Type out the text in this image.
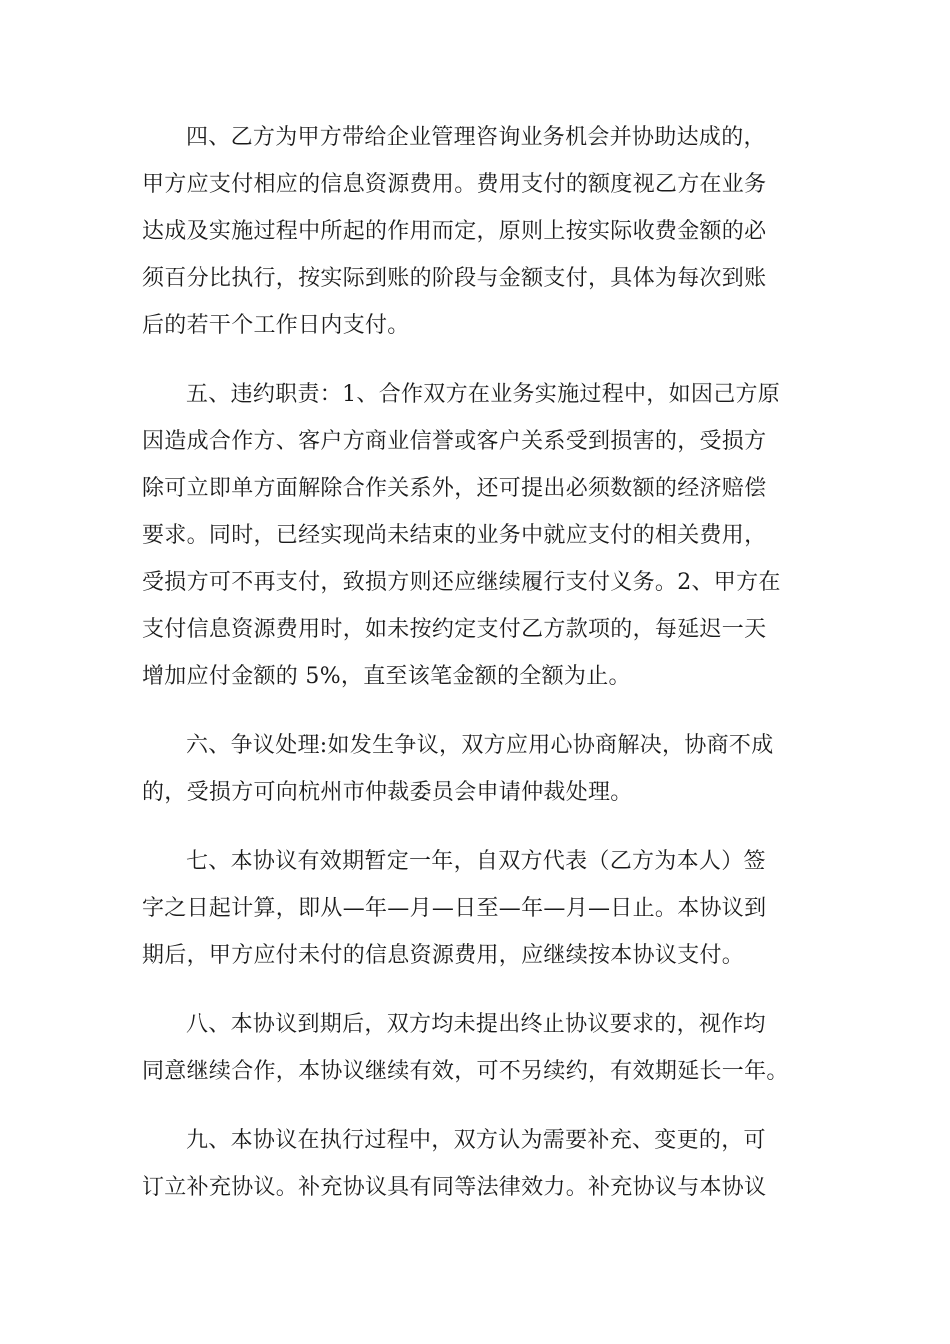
四、乙方为甲方带给企业管理咨询业务机会并协助达成的，
甲方应支付相应的信息资源费用。费用支付的额度视乙方在业务
达成及实施过程中所起的作用而定，原则上按实际收费金额的必
须百分比执行，按实际到账的阶段与金额支付，具体为每次到账
后的若干个工作日内支付。
五、违约职责：1、合作双方在业务实施过程中，如因己方原
因造成合作方、客户方商业信誉或客户关系受到损害的，受损方
除可立即单方面解除合作关系外，还可提出必须数额的经济赔偿
要求。同时，已经实现尚未结束的业务中就应支付的相关费用，
受损方可不再支付，致损方则还应继续履行支付义务。2、甲方在
支付信息资源费用时，如未按约定支付乙方款项的，每延迟一天
增加应付金额的 5%，直至该笔金额的全额为止。
六、争议处理:如发生争议，双方应用心协商解决，协商不成
的，受损方可向杭州市仲裁委员会申请仲裁处理。
七、本协议有效期暂定一年，自双方代表（乙方为本人）签
字之日起计算，即从—年—月—日至—年—月—日止。本协议到
期后，甲方应付未付的信息资源费用，应继续按本协议支付。
八、本协议到期后，双方均未提出终止协议要求的，视作均
同意继续合作，本协议继续有效，可不另续约，有效期延长一年。
九、本协议在执行过程中，双方认为需要补充、变更的，可
订立补充协议。补充协议具有同等法律效力。补充协议与本协议
